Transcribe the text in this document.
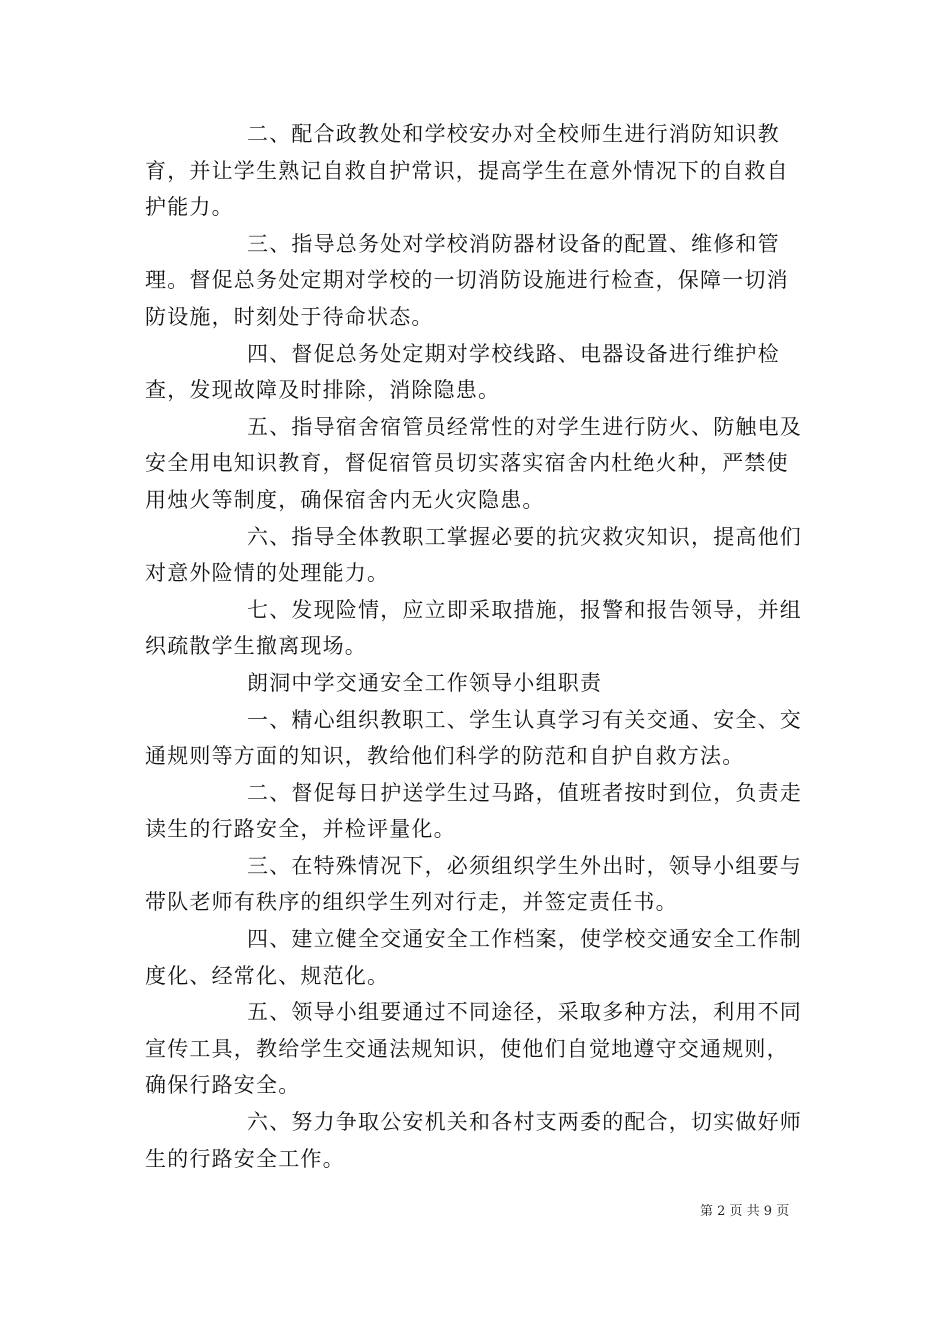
二、配合政教处和学校安办对全校师生进行消防知识教育，并让学生熟记自救自护常识，提高学生在意外情况下的自救自护能力。

三、指导总务处对学校消防器材设备的配置、维修和管理。督促总务处定期对学校的一切消防设施进行检查，保障一切消防设施，时刻处于待命状态。

四、督促总务处定期对学校线路、电器设备进行维护检查，发现故障及时排除，消除隐患。

五、指导宿舍宿管员经常性的对学生进行防火、防触电及安全用电知识教育，督促宿管员切实落实宿舍内杜绝火种，严禁使用烛火等制度，确保宿舍内无火灾隐患。

六、指导全体教职工掌握必要的抗灾救灾知识，提高他们对意外险情的处理能力。

七、发现险情，应立即采取措施，报警和报告领导，并组织疏散学生撤离现场。

朗洞中学交通安全工作领导小组职责

一、精心组织教职工、学生认真学习有关交通、安全、交通规则等方面的知识，教给他们科学的防范和自护自救方法。

二、督促每日护送学生过马路，值班者按时到位，负责走读生的行路安全，并检评量化。

三、在特殊情况下，必须组织学生外出时，领导小组要与带队老师有秩序的组织学生列对行走，并签定责任书。

四、建立健全交通安全工作档案，使学校交通安全工作制度化、经常化、规范化。

五、领导小组要通过不同途径，采取多种方法，利用不同宣传工具，教给学生交通法规知识，使他们自觉地遵守交通规则，确保行路安全。

六、努力争取公安机关和各村支两委的配合，切实做好师生的行路安全工作。

第 2 页 共 9 页
